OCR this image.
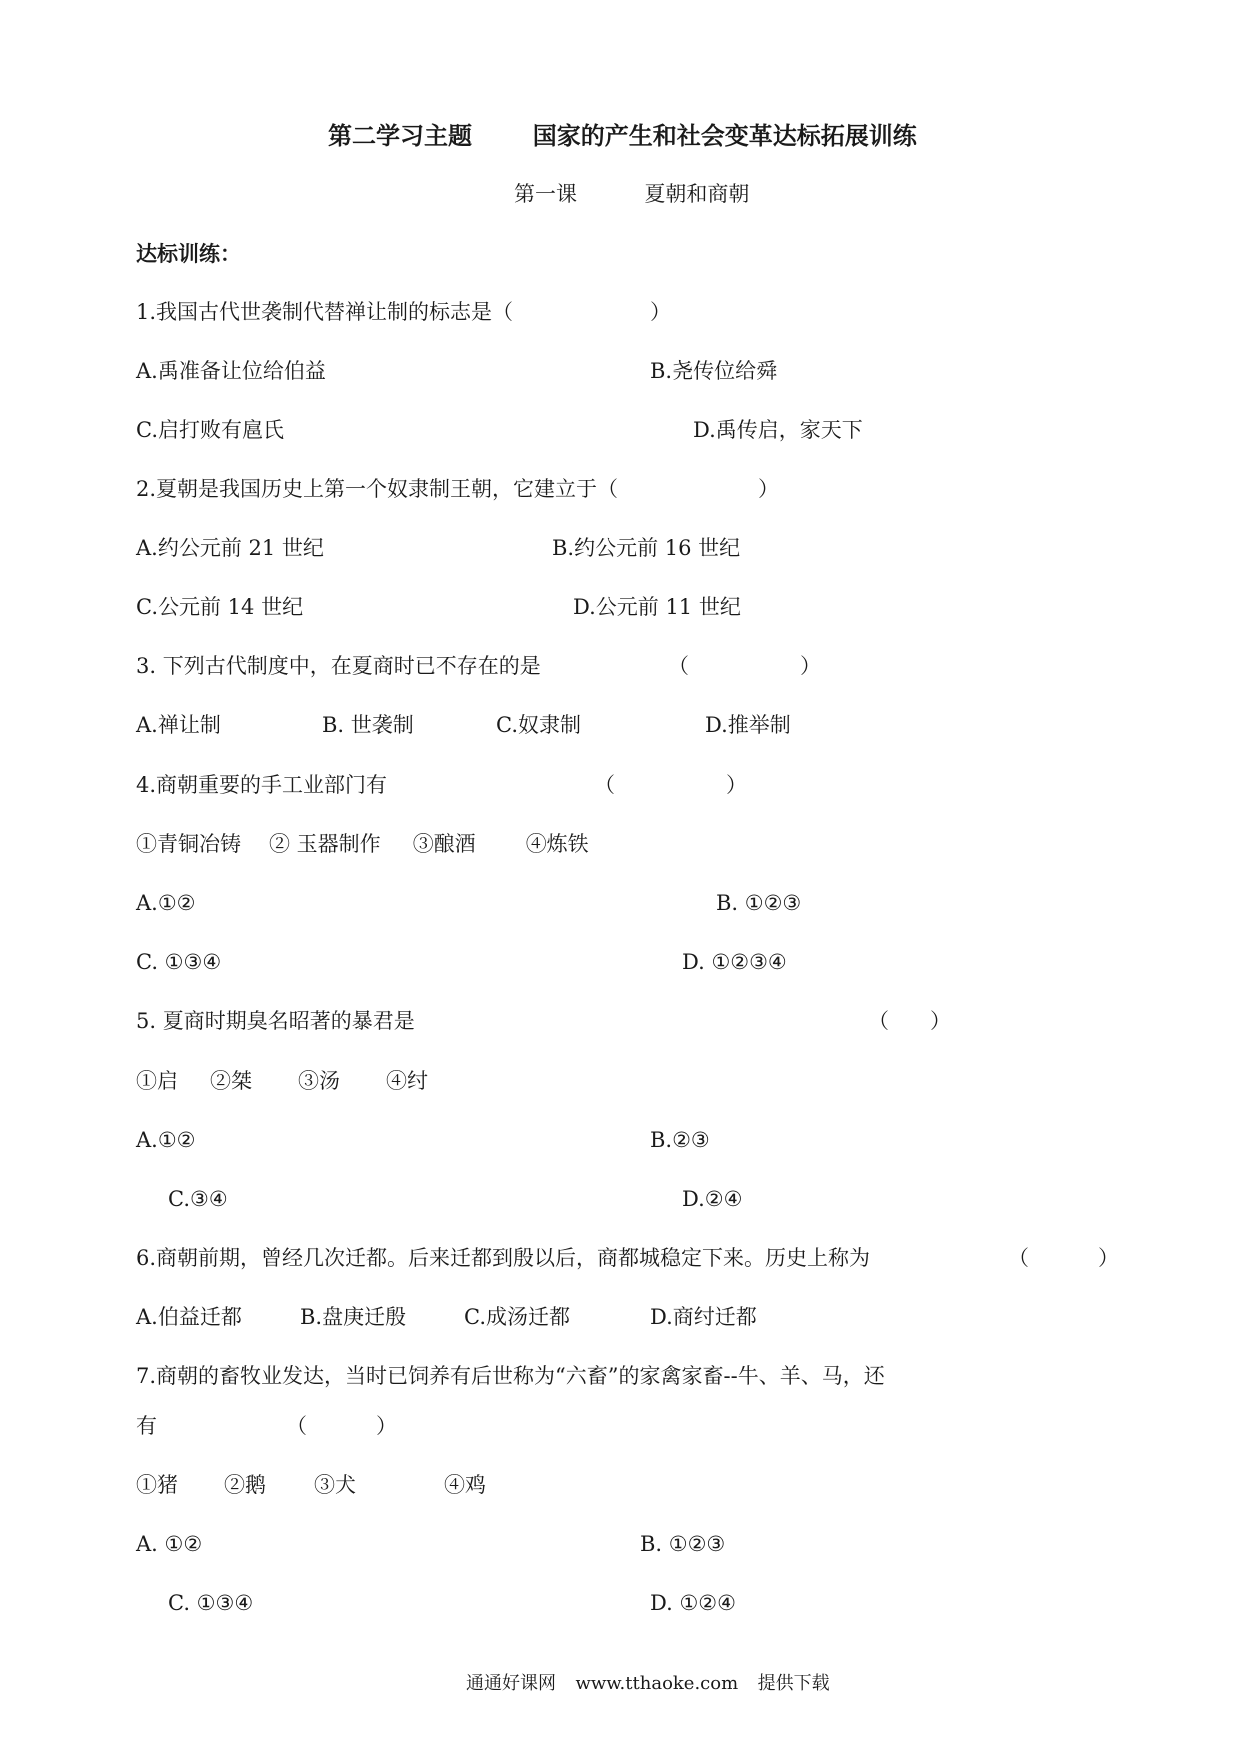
第二学习主题	国家的产生和社会变革达标拓展训练
第一课	夏朝和商朝
达标训练：
1.我国古代世袭制代替禅让制的标志是（	）
A.禹准备让位给伯益	B.尧传位给舜
C.启打败有扈氏	D.禹传启，家天下
2.夏朝是我国历史上第一个奴隶制王朝，它建立于（	）
A.约公元前 21 世纪	B.约公元前 16 世纪
C.公元前 14 世纪	D.公元前 11 世纪
3. 下列古代制度中，在夏商时已不存在的是	（	）
A.禅让制	B. 世袭制	C.奴隶制	D.推举制
4.商朝重要的手工业部门有	（	）
①青铜冶铸 ② 玉器制作 ③酿酒 ④炼铁
A.①②	B. ①②③
C. ①③④	D. ①②③④
5. 夏商时期臭名昭著的暴君是	（ ）
①启 ②桀 ③汤 ④纣
A.①②	B.②③
C.③④	D.②④
6.商朝前期，曾经几次迁都。后来迁都到殷以后，商都城稳定下来。历史上称为	（	）
A.伯益迁都	B.盘庚迁殷	C.成汤迁都	D.商纣迁都
7.商朝的畜牧业发达，当时已饲养有后世称为“六畜”的家禽家畜--牛、羊、马，还
有	（	）
①猪 ②鹅 ③犬	④鸡
A. ①②	B. ①②③
C. ①③④	D. ①②④
通通好课网 www.tthaoke.com 提供下载
